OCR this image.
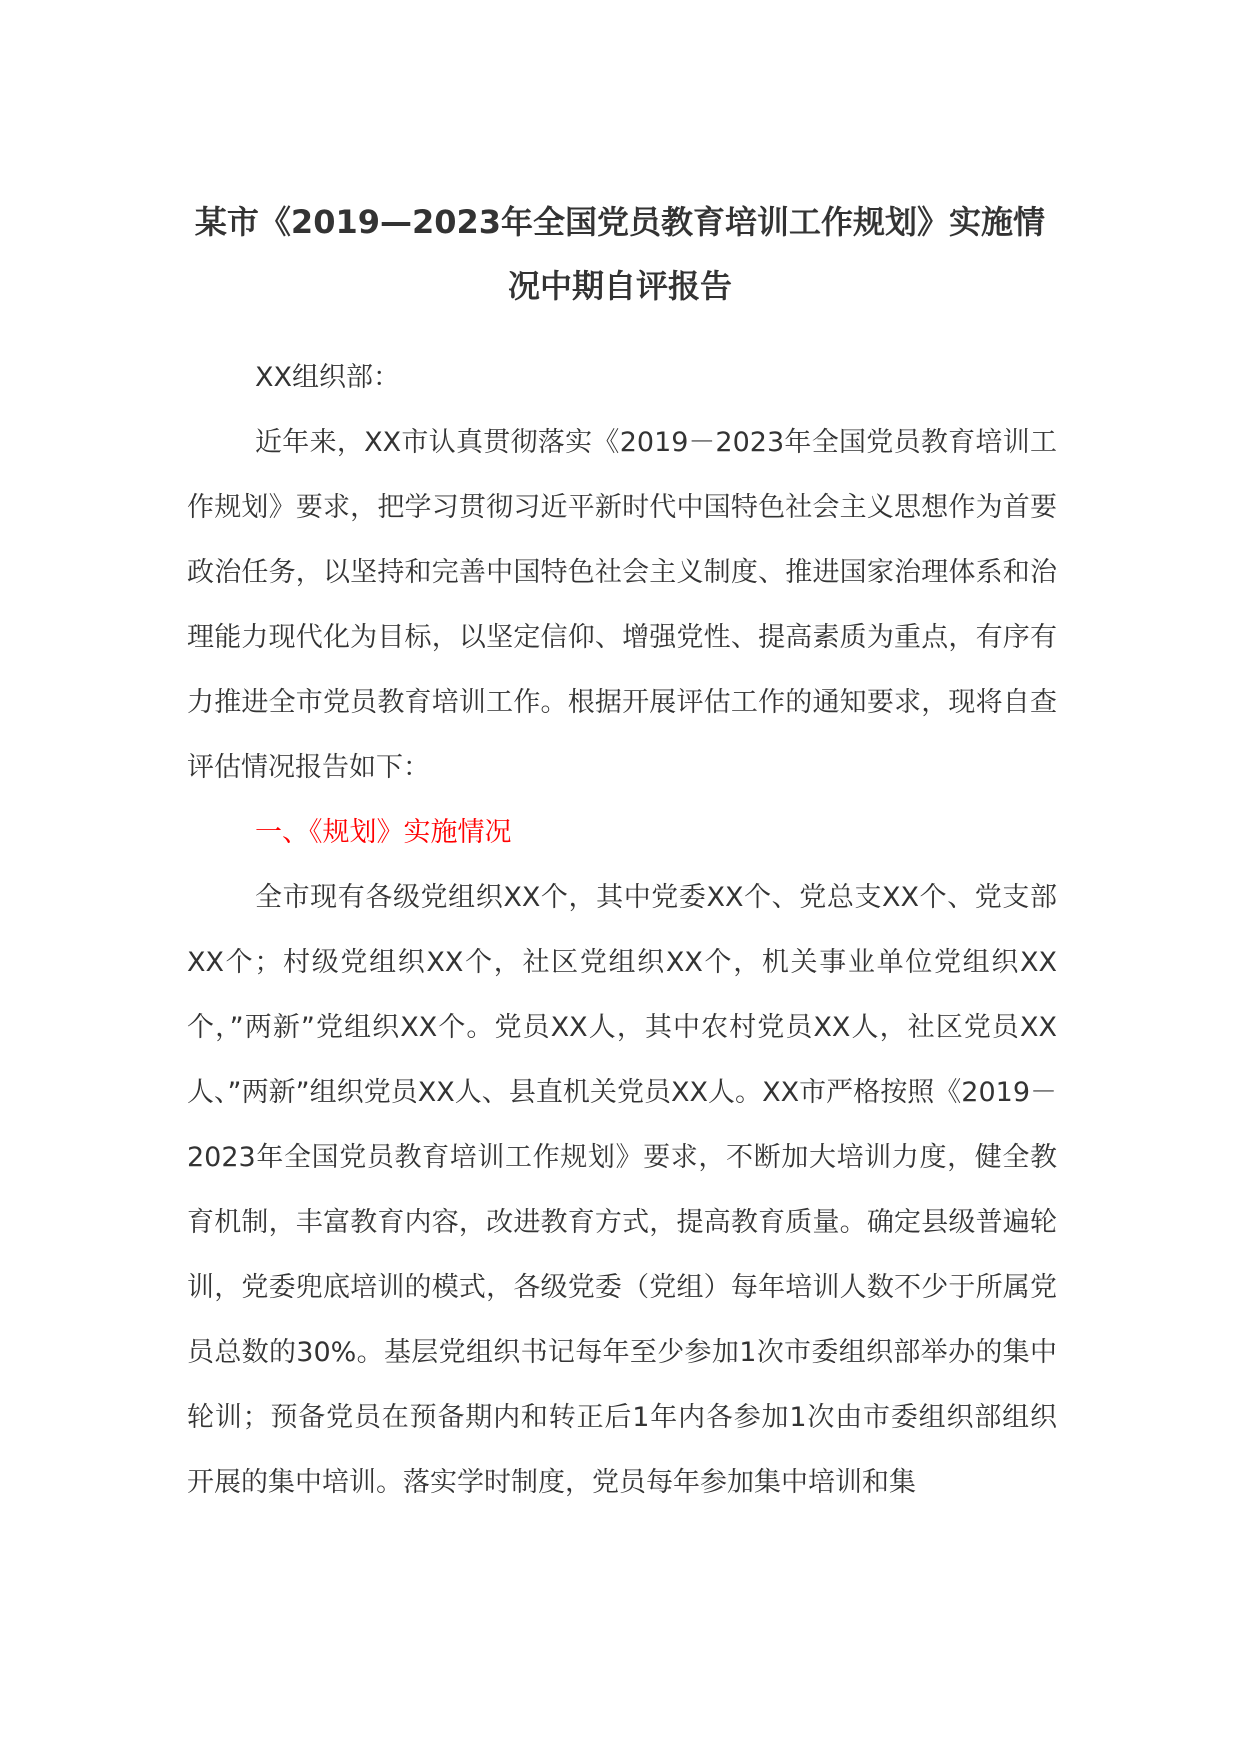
某市《2019—2023年全国党员教育培训工作规划》实施情况中期自评报告

XX组织部：

近年来，XX市认真贯彻落实《2019－2023年全国党员教育培训工作规划》要求，把学习贯彻习近平新时代中国特色社会主义思想作为首要政治任务，以坚持和完善中国特色社会主义制度、推进国家治理体系和治理能力现代化为目标，以坚定信仰、增强党性、提高素质为重点，有序有力推进全市党员教育培训工作。根据开展评估工作的通知要求，现将自查评估情况报告如下：

一、《规划》实施情况

全市现有各级党组织XX个，其中党委XX个、党总支XX个、党支部XX个；村级党组织XX个，社区党组织XX个，机关事业单位党组织XX个，”两新”党组织XX个。党员XX人，其中农村党员XX人，社区党员XX人、”两新”组织党员XX人、县直机关党员XX人。XX市严格按照《2019－2023年全国党员教育培训工作规划》要求，不断加大培训力度，健全教育机制，丰富教育内容，改进教育方式，提高教育质量。确定县级普遍轮训，党委兜底培训的模式，各级党委（党组）每年培训人数不少于所属党员总数的30%。基层党组织书记每年至少参加1次市委组织部举办的集中轮训；预备党员在预备期内和转正后1年内各参加1次由市委组织部组织开展的集中培训。落实学时制度，党员每年参加集中培训和集
